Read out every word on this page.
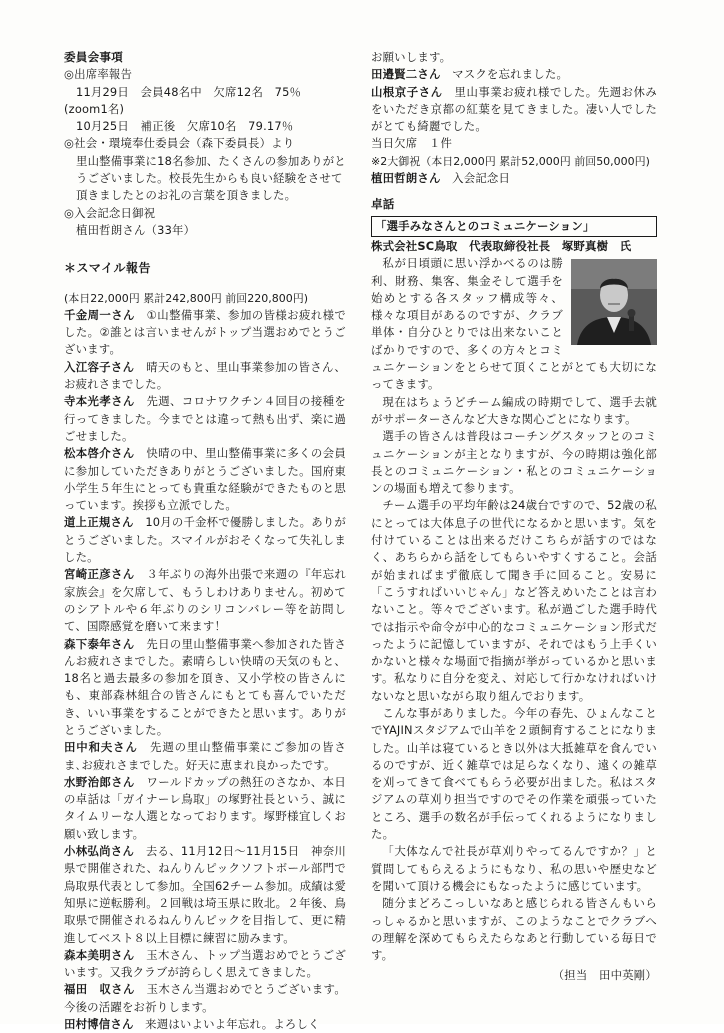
委員会事項

◎出席率報告

11月29日　会員48名中　欠席12名　75％

(zoom1名)

10月25日　補正後　欠席10名　79.17％

◎社会・環境奉仕委員会（森下委員長）より

里山整備事業に18名参加、たくさんの参加ありがとうございました。校長先生からも良い経験をさせて頂きましたとのお礼の言葉を頂きました。

◎入会記念日御祝

植田哲朗さん（33年）

＊スマイル報告

(本日22,000円 累計242,800円 前回220,800円)

千金周一さん　 ①山整備事業、参加の皆様お疲れ様でした。②誰とは言いませんがトップ当選おめでとうございます。

入江容子さん　 晴天のもと、里山事業参加の皆さん、お疲れさまでした。

寺本光孝さん　 先週、コロナワクチン４回目の接種を行ってきました。今までとは違って熱も出ず、楽に過ごせました。

松本啓介さん　 快晴の中、里山整備事業に多くの会員に参加していただきありがとうございました。国府東小学生５年生にとっても貴重な経験ができたものと思っています。挨拶も立派でした。

道上正規さん　 10月の千金杯で優勝しました。ありがとうございました。スマイルがおそくなって失礼しました。

宮崎正彦さん　 ３年ぶりの海外出張で来週の『年忘れ家族会』を欠席して、もうしわけありません。初めてのシアトルや６年ぶりのシリコンバレー等を訪問して、国際感覚を磨いて来ます！

森下泰年さん　 先日の里山整備事業へ参加された皆さんお疲れさまでした。素晴らしい快晴の天気のもと、18名と過去最多の参加を頂き、又小学校の皆さんにも、東部森林組合の皆さんにもとても喜んでいただき、いい事業をすることができたと思います。ありがとうございました。

田中和夫さん　 先週の里山整備事業にご参加の皆さま､お疲れさまでした。好天に恵まれ良かったです。

水野治郎さん　 ワールドカップの熱狂のさなか、本日の卓話は「ガイナーレ鳥取」の塚野社長という、誠にタイムリーな人選となっております。塚野様宜しくお願い致します。

小林弘尚さん　 去る、11月12日～11月15日　神奈川県で開催された、ねんりんピックソフトボール部門で鳥取県代表として参加。全国62チーム参加。成績は愛知県に逆転勝利。２回戦は埼玉県に敗北。２年後、鳥取県で開催されるねんりんピックを目指して、更に精進してベスト８以上目標に練習に励みます。

森本美明さん　 玉木さん、トップ当選おめでとうございます。又我クラブが誇らしく思えてきました。

福田　収さん　 玉木さん当選おめでとうございます。今後の活躍をお祈りします。

田村博信さん　 来週はいよいよ年忘れ。よろしく

お願いします。

田邉賢二さん　 マスクを忘れました。

山根京子さん　 里山事業お疲れ様でした。先週お休みをいただき京都の紅葉を見てきました。凄い人でしたがとても綺麗でした。

当日欠席　１件

※2大御祝（本日2,000円 累計52,000円 前回50,000円)

植田哲朗さん　 入会記念日

卓話

「選手みなさんとのコミュニケーション」

株式会社SC鳥取　代表取締役社長　塚野真樹　氏

私が日頃頭に思い浮かべるのは勝利、財務、集客、集金そして選手を始めとする各スタッフ構成等々、様々な項目があるのですが、クラブ単体・自分ひとりでは出来ないことばかりですので、多くの方々とコミュニケーションをとらせて頂くことがとても大切になってきます。

現在はちょうどチーム編成の時期でして、選手去就がサポーターさんなど大きな関心ごとになります。

選手の皆さんは普段はコーチングスタッフとのコミュニケーションが主となりますが、今の時期は強化部長とのコミュニケーション・私とのコミュニケーションの場面も増えて参ります。

チーム選手の平均年齢は24歳台ですので、52歳の私にとっては大体息子の世代になるかと思います。気を付けていることは出来るだけこちらが話すのではなく、あちらから話をしてもらいやすくすること。会話が始まればまず徹底して聞き手に回ること。安易に「こうすればいいじゃん」など答えめいたことは言わないこと。等々でございます。私が過ごした選手時代では指示や命令が中心的なコミュニケーション形式だったように記憶していますが、それではもう上手くいかないと様々な場面で指摘が挙がっているかと思います。私なりに自分を変え、対応して行かなければいけないなと思いながら取り組んでおります。

こんな事がありました。今年の春先、ひょんなことでYAJINスタジアムで山羊を２頭飼育することになりました。山羊は寝ているとき以外は大抵雑草を食んでいるのですが、近く雑草では足らなくなり、遠くの雑草を刈ってきて食べてもらう必要が出ました。私はスタジアムの草刈り担当ですのでその作業を頑張っていたところ、選手の数名が手伝ってくれるようになりました。

「大体なんで社長が草刈りやってるんですか？」と質問してもらえるようにもなり、私の思いや歴史などを聞いて頂ける機会にもなったように感じています。

随分まどろこっしいなあと感じられる皆さんもいらっしゃるかと思いますが、このようなことでクラブへの理解を深めてもらえたらなあと行動している毎日です。

（担当　田中英剛）
